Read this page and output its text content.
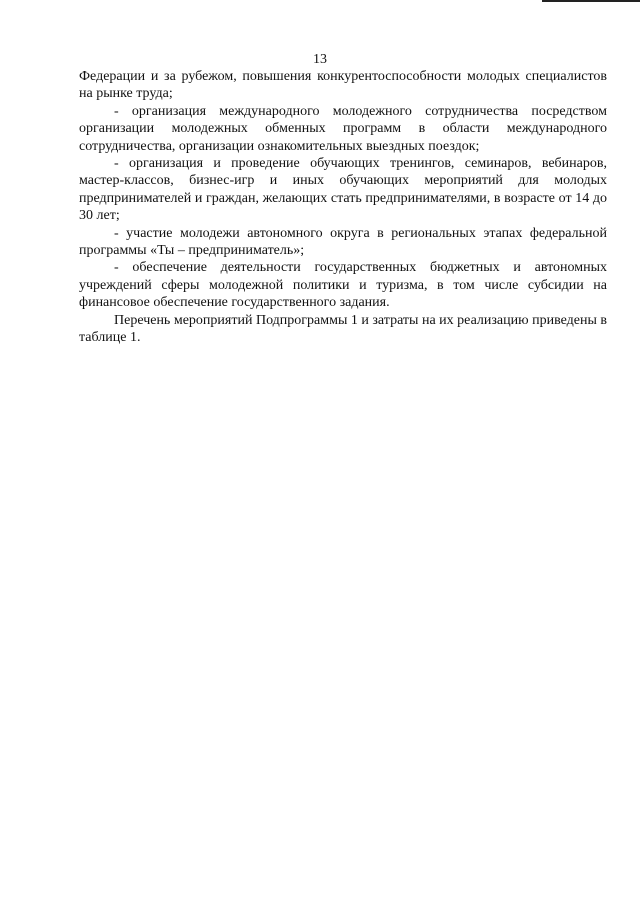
13

Федерации и за рубежом, повышения конкурентоспособности молодых специалистов на рынке труда;

- организация международного молодежного сотрудничества посредством организации молодежных обменных программ в области международного сотрудничества, организации ознакомительных выездных поездок;

- организация и проведение обучающих тренингов, семинаров, вебинаров, мастер-классов, бизнес-игр и иных обучающих мероприятий для молодых предпринимателей и граждан, желающих стать предпринимателями, в возрасте от 14 до 30 лет;

- участие молодежи автономного округа в региональных этапах федеральной программы «Ты – предприниматель»;

- обеспечение деятельности государственных бюджетных и автономных учреждений сферы молодежной политики и туризма, в том числе субсидии на финансовое обеспечение государственного задания.

Перечень мероприятий Подпрограммы 1 и затраты на их реализацию приведены в таблице 1.
